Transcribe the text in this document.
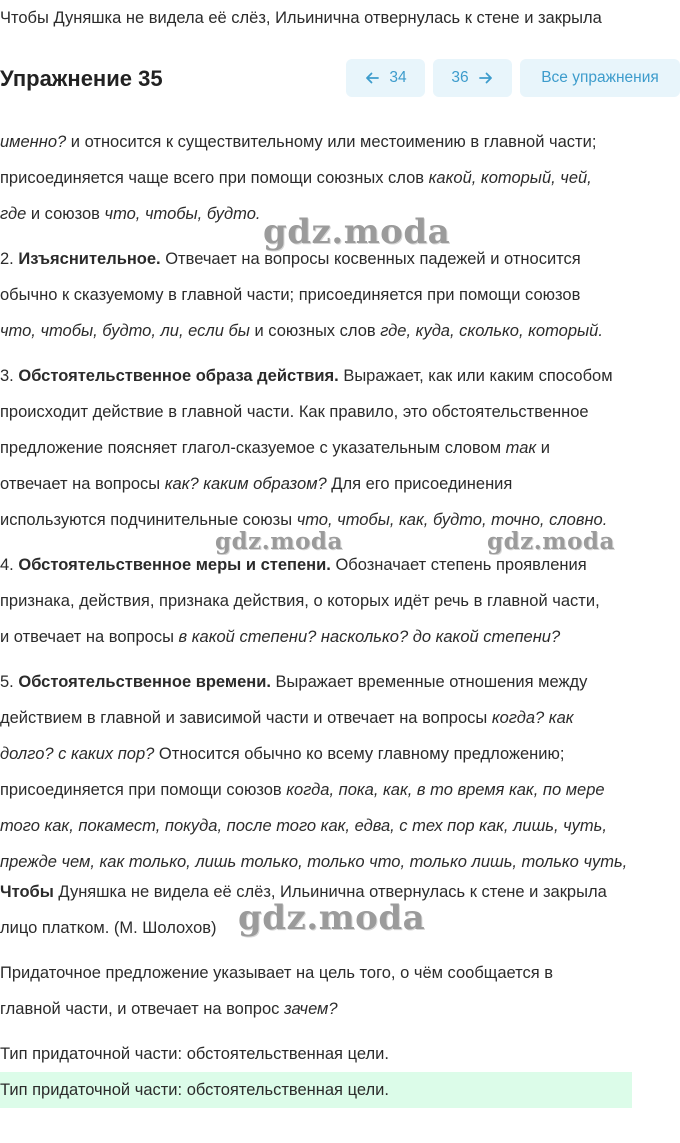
Чтобы Дуняшка не видела её слёз, Ильинична отвернулась к стене и закрыла
именно? и относится к существительному или местоимению в главной части;
присоединяется чаще всего при помощи союзных слов какой, который, чей,
где и союзов что, чтобы, будто.
2. Изъяснительное. Отвечает на вопросы косвенных падежей и относится
обычно к сказуемому в главной части; присоединяется при помощи союзов
что, чтобы, будто, ли, если бы и союзных слов где, куда, сколько, который.
3. Обстоятельственное образа действия. Выражает, как или каким способом
происходит действие в главной части. Как правило, это обстоятельственное
предложение поясняет глагол-сказуемое с указательным словом так и
отвечает на вопросы как? каким образом? Для его присоединения
используются подчинительные союзы что, чтобы, как, будто, точно, словно.
4. Обстоятельственное меры и степени. Обозначает степень проявления
признака, действия, признака действия, о которых идёт речь в главной части,
и отвечает на вопросы в какой степени? насколько? до какой степени?
5. Обстоятельственное времени. Выражает временные отношения между
действием в главной и зависимой части и отвечает на вопросы когда? как
долго? с каких пор? Относится обычно ко всему главному предложению;
присоединяется при помощи союзов когда, пока, как, в то время как, по мере
того как, покамест, покуда, после того как, едва, с тех пор как, лишь, чуть,
прежде чем, как только, лишь только, только что, только лишь, только чуть,
Чтобы Дуняшка не видела её слёз, Ильинична отвернулась к стене и закрыла
лицо платком. (М. Шолохов)
Придаточное предложение указывает на цель того, о чём сообщается в
главной части, и отвечает на вопрос зачем?
Тип придаточной части: обстоятельственная цели.
Тип придаточной части: обстоятельственная цели.
Упражнение 35	34	36	Все упражнения
gdz.moda
gdz.moda	gdz.moda
gdz.moda
